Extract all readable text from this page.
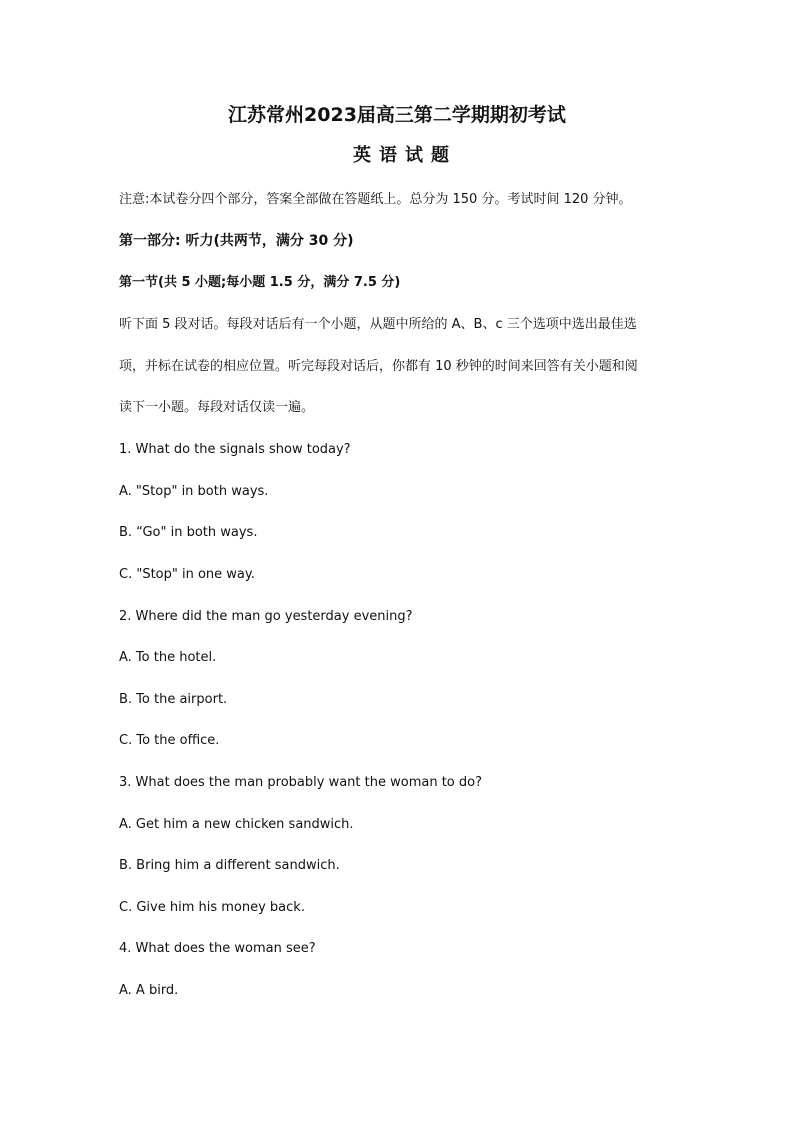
江苏常州2023届高三第二学期期初考试
英语试题
注意:本试卷分四个部分，答案全部做在答题纸上。总分为 150 分。考试时间 120 分钟。
第一部分: 听力(共两节，满分 30 分)
第一节(共 5 小题;每小题 1.5 分，满分 7.5 分)
听下面 5 段对话。每段对话后有一个小题，从题中所给的 A、B、c 三个选项中选出最佳选
项，并标在试卷的相应位置。听完每段对话后，你都有 10 秒钟的时间来回答有关小题和阅
读下一小题。每段对话仅读一遍。
1. What do the signals show today?
A. "Stop" in both ways.
B. “Go" in both ways.
C. "Stop" in one way.
2. Where did the man go yesterday evening?
A. To the hotel.
B. To the airport.
C. To the office.
3. What does the man probably want the woman to do?
A. Get him a new chicken sandwich.
B. Bring him a different sandwich.
C. Give him his money back.
4. What does the woman see?
A. A bird.
